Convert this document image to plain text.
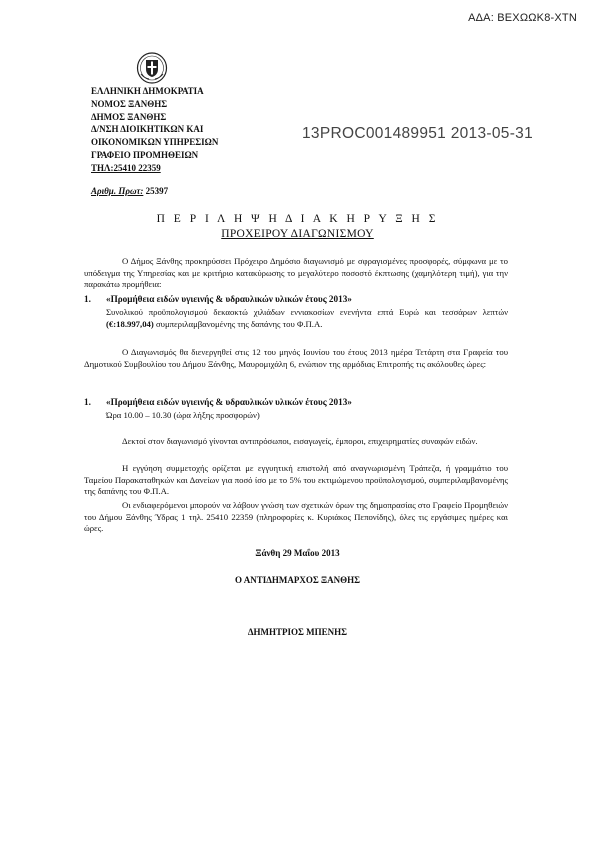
ΑΔΑ: ΒΕΧΩΩΚ8-ΧΤΝ
ΕΛΛΗΝΙΚΗ ΔΗΜΟΚΡΑΤΙΑ
ΝΟΜΟΣ ΞΑΝΘΗΣ
ΔΗΜΟΣ ΞΑΝΘΗΣ
Δ/ΝΣΗ ΔΙΟΙΚΗΤΙΚΩΝ ΚΑΙ
ΟΙΚΟΝΟΜΙΚΩΝ ΥΠΗΡΕΣΙΩΝ
ΓΡΑΦΕΙΟ ΠΡΟΜΗΘΕΙΩΝ
ΤΗΛ:25410 22359
13PROC001489951 2013-05-31
Αριθμ. Πρωτ: 25397
Π Ε Ρ Ι Λ Η Ψ Η Δ Ι Α Κ Η Ρ Υ Ξ Η Σ
ΠΡΟΧΕΙΡΟΥ ΔΙΑΓΩΝΙΣΜΟΥ
Ο Δήμος Ξάνθης προκηρύσσει Πρόχειρο Δημόσιο διαγωνισμό με σφραγισμένες προσφορές, σύμφωνα με το υπόδειγμα της Υπηρεσίας και με κριτήριο κατακύρωσης το μεγαλύτερο ποσοστό έκπτωσης (χαμηλότερη τιμή), για την παρακάτω προμήθεια:
1. «Προμήθεια ειδών υγιεινής & υδραυλικών υλικών έτους 2013»
Συνολικού προϋπολογισμού δεκαοκτώ χιλιάδων εννιακοσίων ενενήντα επτά Ευρώ και τεσσάρων λεπτών (€:18.997,04) συμπεριλαμβανομένης της δαπάνης του Φ.Π.Α.
Ο Διαγωνισμός θα διενεργηθεί στις 12 του μηνός Ιουνίου του έτους 2013 ημέρα Τετάρτη στα Γραφεία του Δημοτικού Συμβουλίου του Δήμου Ξάνθης, Μαυρομιχάλη 6, ενώπιον της αρμόδιας Επιτροπής τις ακόλουθες ώρες:
1. «Προμήθεια ειδών υγιεινής & υδραυλικών υλικών έτους 2013»
Ώρα 10.00 – 10.30 (ώρα λήξης προσφορών)
Δεκτοί στον διαγωνισμό γίνονται αντιπρόσωποι, εισαγωγείς, έμποροι, επιχειρηματίες συναφών ειδών.
Η εγγύηση συμμετοχής ορίζεται με εγγυητική επιστολή από αναγνωρισμένη Τράπεζα, ή γραμμάτιο του Ταμείου Παρακαταθηκών και Δανείων για ποσό ίσο με το 5% του εκτιμώμενου προϋπολογισμού, συμπεριλαμβανομένης της δαπάνης του Φ.Π.Α.
Οι ενδιαφερόμενοι μπορούν να λάβουν γνώση των σχετικών όρων της δημοπρασίας στο Γραφείο Προμηθειών του Δήμου Ξάνθης Ύδρας 1 τηλ. 25410 22359 (πληροφορίες κ. Κυριάκος Πεπονίδης), όλες τις εργάσιμες ημέρες και ώρες.
Ξάνθη 29 Μαΐου 2013
Ο ΑΝΤΙΔΗΜΑΡΧΟΣ ΞΑΝΘΗΣ
ΔΗΜΗΤΡΙΟΣ ΜΠΕΝΗΣ
